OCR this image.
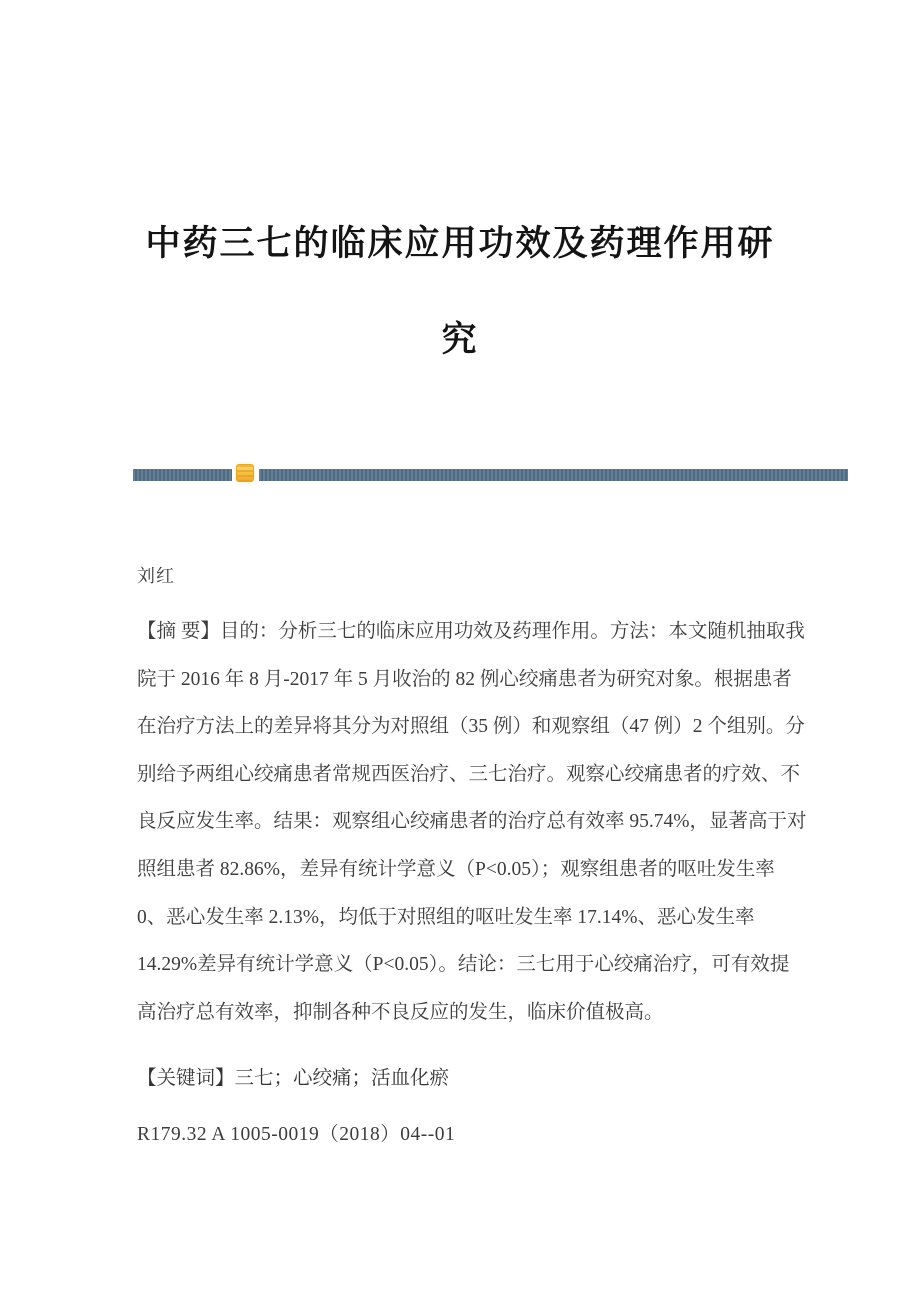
中药三七的临床应用功效及药理作用研
究
刘红
【摘 要】目的：分析三七的临床应用功效及药理作用。方法：本文随机抽取我
院于 2016 年 8 月-2017 年 5 月收治的 82 例心绞痛患者为研究对象。根据患者
在治疗方法上的差异将其分为对照组（35 例）和观察组（47 例）2 个组别。分
别给予两组心绞痛患者常规西医治疗、三七治疗。观察心绞痛患者的疗效、不
良反应发生率。结果：观察组心绞痛患者的治疗总有效率 95.74%，显著高于对
照组患者 82.86%，差异有统计学意义（P<0.05）；观察组患者的呕吐发生率
0、恶心发生率 2.13%，均低于对照组的呕吐发生率 17.14%、恶心发生率
14.29%差异有统计学意义（P<0.05）。结论：三七用于心绞痛治疗，可有效提
高治疗总有效率，抑制各种不良反应的发生，临床价值极高。
【关键词】三七；心绞痛；活血化瘀
R179.32 A 1005-0019（2018）04--01
